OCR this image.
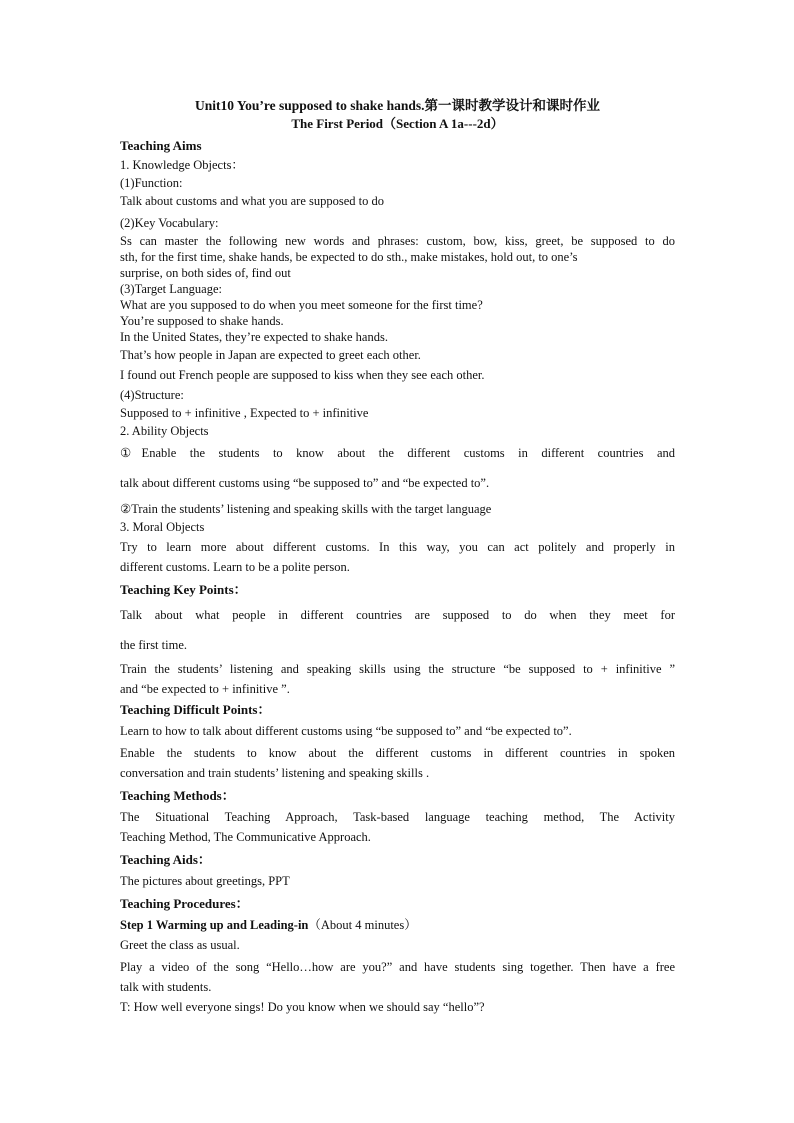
Unit10 You’re supposed to shake hands.第一课时教学设计和课时作业

The First Period（Section A 1a---2d）

Teaching Aims

1. Knowledge Objects：

(1)Function:

Talk about customs and what you are supposed to do

(2)Key Vocabulary:

Ss can master the following new words and phrases: custom, bow, kiss, greet, be supposed to do

sth, for the first time, shake hands, be expected to do sth., make mistakes, hold out, to one’s

surprise, on both sides of, find out

(3)Target Language:

What are you supposed to do when you meet someone for the first time?

You’re supposed to shake hands.

In the United States, they’re expected to shake hands.

That’s how people in Japan are expected to greet each other.

I found out French people are supposed to kiss when they see each other.

(4)Structure:

Supposed to + infinitive , Expected to + infinitive

2. Ability Objects

①Enable the students to know about the different customs in different countries and

talk about different customs using “be supposed to” and “be expected to”.

②Train the students’ listening and speaking skills with the target language

3. Moral Objects

Try to learn more about different customs. In this way, you can act politely and properly in

different customs. Learn to be a polite person.

Teaching Key Points：

Talk about what people in different countries are supposed to do when they meet for

the first time.

Train the students’ listening and speaking skills using the structure “be supposed to + infinitive ”

and “be expected to + infinitive ”.

Teaching Difficult Points：

Learn to how to talk about different customs using “be supposed to” and “be expected to”.

Enable the students to know about the different customs in different countries in spoken

conversation and train students’ listening and speaking skills .

Teaching Methods：

The Situational Teaching Approach, Task-based language teaching method, The Activity

Teaching Method, The Communicative Approach.

Teaching Aids：

The pictures about greetings, PPT

Teaching Procedures：

Step 1 Warming up and Leading-in（About 4 minutes）

Greet the class as usual.

Play a video of the song “Hello…how are you?” and have students sing together. Then have a free

talk with students.

T: How well everyone sings! Do you know when we should say “hello”?
